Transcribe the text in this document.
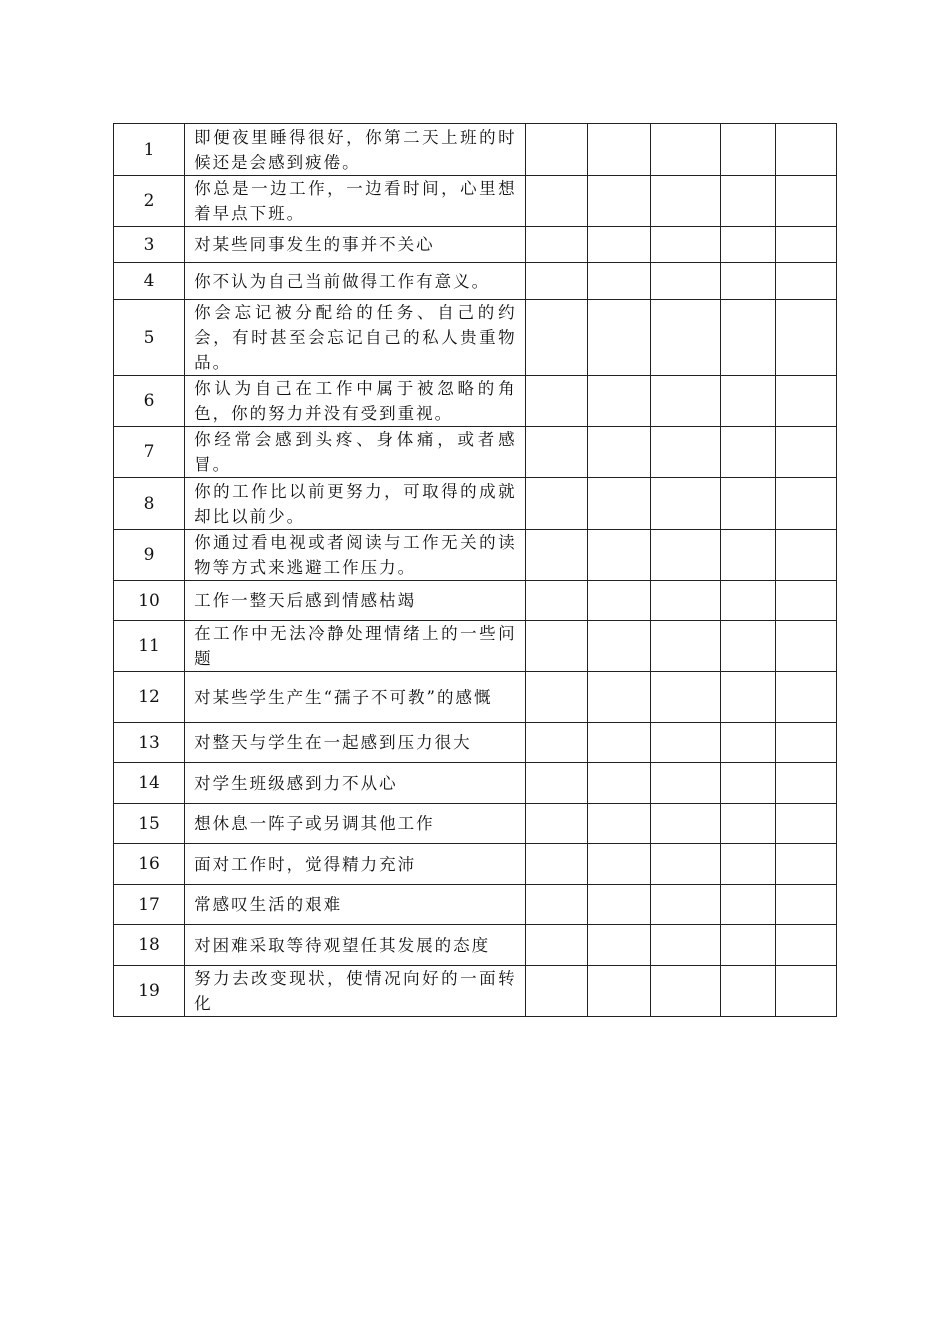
1	即便夜里睡得很好，你第二天上班的时候还是会感到疲倦。					
2	你总是一边工作，一边看时间，心里想着早点下班。					
3	对某些同事发生的事并不关心					
4	你不认为自己当前做得工作有意义。					
5	你会忘记被分配给的任务、自己的约会，有时甚至会忘记自己的私人贵重物品。					
6	你认为自己在工作中属于被忽略的角色，你的努力并没有受到重视。					
7	你经常会感到头疼、身体痛，或者感冒。					
8	你的工作比以前更努力，可取得的成就却比以前少。					
9	你通过看电视或者阅读与工作无关的读物等方式来逃避工作压力。					
10	工作一整天后感到情感枯竭					
11	在工作中无法冷静处理情绪上的一些问题					
12	对某些学生产生“孺子不可教”的感慨					
13	对整天与学生在一起感到压力很大					
14	对学生班级感到力不从心					
15	想休息一阵子或另调其他工作					
16	面对工作时，觉得精力充沛					
17	常感叹生活的艰难					
18	对困难采取等待观望任其发展的态度					
19	努力去改变现状，使情况向好的一面转化					
